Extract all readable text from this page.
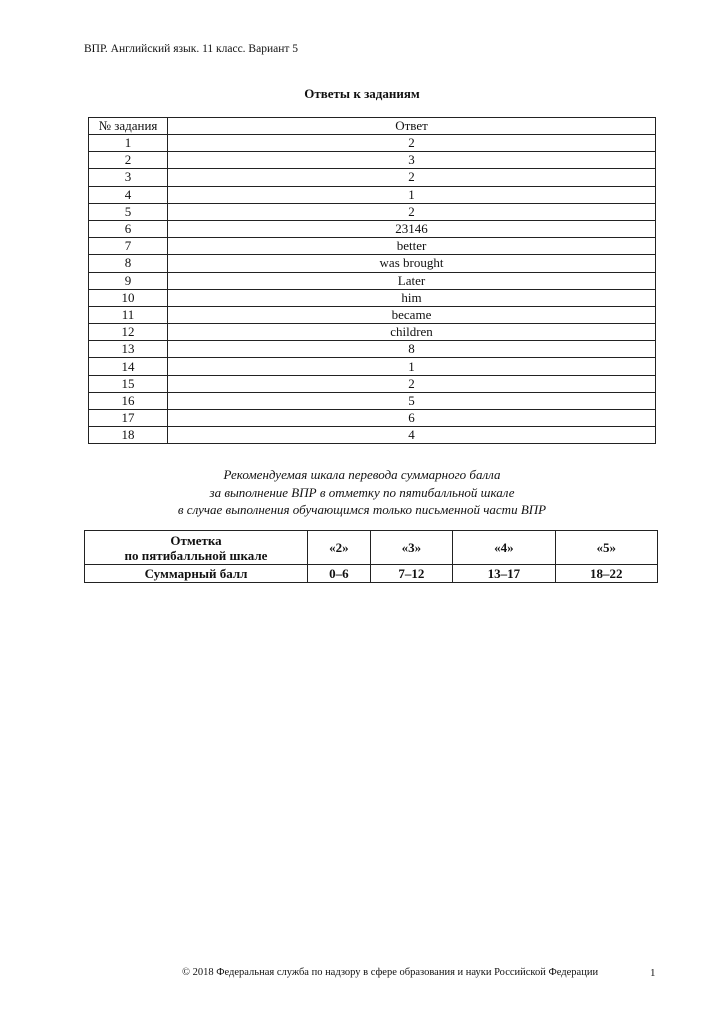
ВПР. Английский язык. 11 класс. Вариант 5
Ответы к заданиям
№ задания	Ответ
1	2
2	3
3	2
4	1
5	2
6	23146
7	better
8	was brought
9	Later
10	him
11	became
12	children
13	8
14	1
15	2
16	5
17	6
18	4
Рекомендуемая шкала перевода суммарного балла
за выполнение ВПР в отметку по пятибалльной шкале
в случае выполнения обучающимся только письменной части ВПР
Отметка
по пятибалльной шкале	«2»	«3»	«4»	«5»
Суммарный балл	0–6	7–12	13–17	18–22
© 2018 Федеральная служба по надзору в сфере образования и науки Российской Федерации	1
